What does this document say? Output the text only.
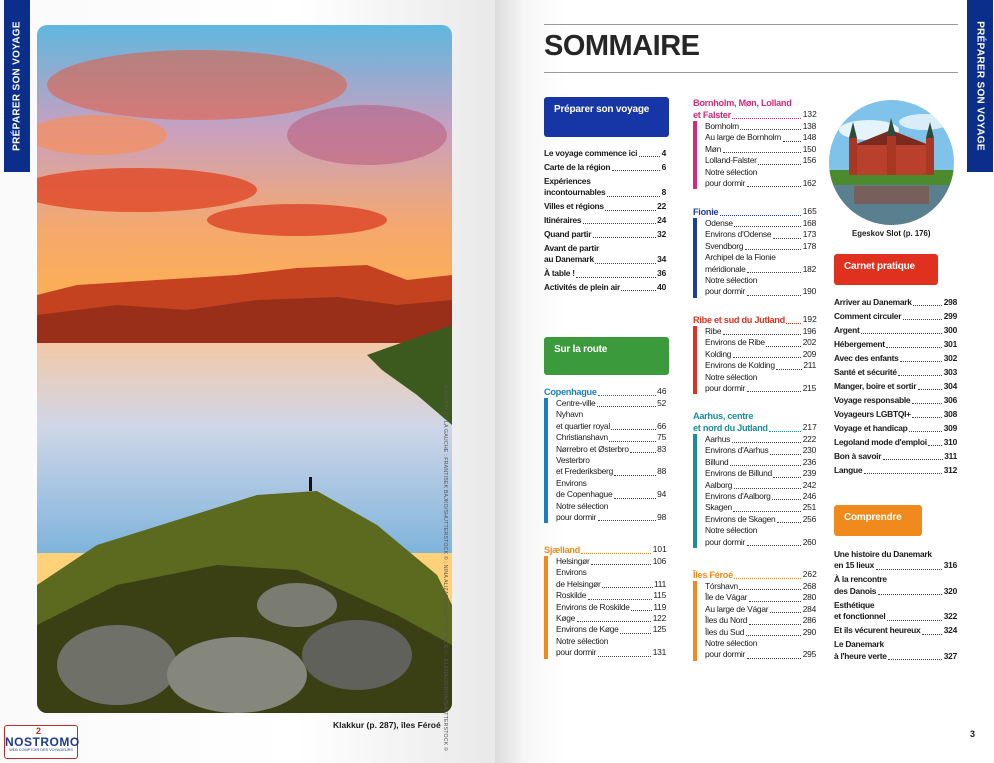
PRÉPARER SON VOYAGE	PRÉPARER SON VOYAGE
À PARTIR DE LA GAUCHE : FRANTISEK BAJKO/SHUTTERSTOCK © ; NINA ALIZADA/SHUTTERSTOCK © ; ELENAGRIBIVA/SHUTTERSTOCK ©
Klakkur (p. 287), îles Féroé
2
NOSTROMO
WEB COMPTOIR DES VOYAGEURS
SOMMAIRE
Préparer son voyage
Sur la route
Carnet pratique
Comprendre
Egeskov Slot (p. 176)
Le voyage commence ici	4
Carte de la région	6
Expériences
incontournables	8
Villes et régions	22
Itinéraires	24
Quand partir	32
Avant de partir
au Danemark	34
À table !	36
Activités de plein air	40
Copenhague	46
Centre-ville	52
Nyhavn
et quartier royal	66
Christianshavn	75
Nørrebro et Østerbro	83
Vesterbro
et Frederiksberg	88
Environs
de Copenhague	94
Notre sélection
pour dormir	98
Sjælland	101
Helsingør	106
Environs
de Helsingør	111
Roskilde	115
Environs de Roskilde	119
Køge	122
Environs de Køge	125
Notre sélection
pour dormir	131
Bornholm, Møn, Lolland
et Falster	132
Bornholm	138
Au large de Bornholm	148
Møn	150
Lolland-Falster	156
Notre sélection
pour dormir	162
Fionie	165
Odense	168
Environs d'Odense	173
Svendborg	178
Archipel de la Fionie
méridionale	182
Notre sélection
pour dormir	190
Ribe et sud du Jutland 192
Ribe	196
Environs de Ribe	202
Kolding	209
Environs de Kolding	211
Notre sélection
pour dormir	215
Aarhus, centre
et nord du Jutland	217
Aarhus	222
Environs d'Aarhus	230
Billund	236
Environs de Billund	239
Aalborg	242
Environs d'Aalborg	246
Skagen	251
Environs de Skagen	256
Notre sélection
pour dormir	260
Îles Féroé	262
Tórshavn	268
Île de Vágar	280
Au large de Vágar	284
Îles du Nord	286
Îles du Sud	290
Notre sélection
pour dormir	295
Arriver au Danemark	298
Comment circuler	299
Argent	300
Hébergement	301
Avec des enfants	302
Santé et sécurité	303
Manger, boire et sortir	304
Voyage responsable	306
Voyageurs LGBTQI+	308
Voyage et handicap	309
Legoland mode d'emploi 310
Bon à savoir	311
Langue	312
Une histoire du Danemark
en 15 lieux	316
À la rencontre
des Danois	320
Esthétique
et fonctionnel	322
Et ils vécurent heureux	324
Le Danemark
à l'heure verte	327
3
